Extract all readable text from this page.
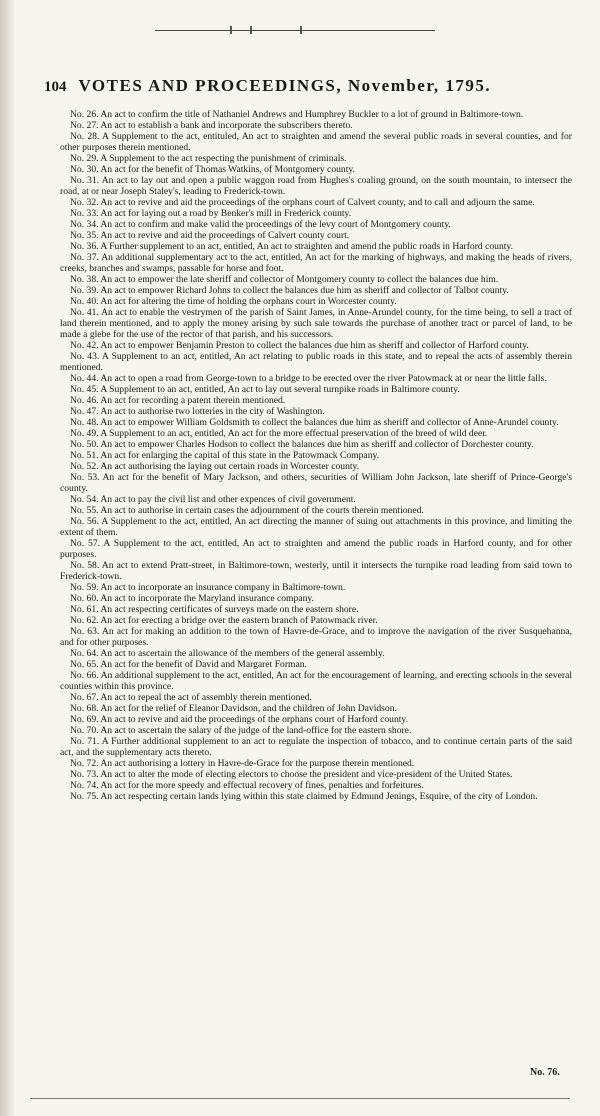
104 VOTES AND PROCEEDINGS, November, 1795.

No. 26. An act to confirm the title of Nathaniel Andrews and Humphrey Buckler to a lot of ground in Baltimore-town.

No. 27. An act to establish a bank and incorporate the subscribers thereto.

No. 28. A Supplement to the act, entituled, An act to straighten and amend the several public roads in several counties, and for other purposes therein mentioned.

No. 29. A Supplement to the act respecting the punishment of criminals.

No. 30. An act for the benefit of Thomas Watkins, of Montgomery county.

No. 31. An act to lay out and open a public waggon road from Hughes's coaling ground, on the south mountain, to intersect the road, at or near Joseph Staley's, leading to Frederick-town.

No. 32. An act to revive and aid the proceedings of the orphans court of Calvert county, and to call and adjourn the same.

No. 33. An act for laying out a road by Benker's mill in Frederick county.

No. 34. An act to confirm and make valid the proceedings of the levy court of Montgomery county.

No. 35. An act to revive and aid the proceedings of Calvert county court.

No. 36. A Further supplement to an act, entitled, An act to straighten and amend the public roads in Harford county.

No. 37. An additional supplementary act to the act, entitled, An act for the marking of highways, and making the heads of rivers, creeks, branches and swamps, passable for horse and foot.

No. 38. An act to empower the late sheriff and collector of Montgomery county to collect the balances due him.

No. 39. An act to empower Richard Johns to collect the balances due him as sheriff and collector of Talbot county.

No. 40. An act for altering the time of holding the orphans court in Worcester county.

No. 41. An act to enable the vestrymen of the parish of Saint James, in Anne-Arundel county, for the time being, to sell a tract of land therein mentioned, and to apply the money arising by such sale towards the purchase of another tract or parcel of land, to be made a glebe for the use of the rector of that parish, and his successors.

No. 42. An act to empower Benjamin Preston to collect the balances due him as sheriff and collector of Harford county.

No. 43. A Supplement to an act, entitled, An act relating to public roads in this state, and to repeal the acts of assembly therein mentioned.

No. 44. An act to open a road from George-town to a bridge to be erected over the river Patowmack at or near the little falls.

No. 45. A Supplement to an act, entitled, An act to lay out several turnpike roads in Baltimore county.

No. 46. An act for recording a patent therein mentioned.

No. 47. An act to authorise two lotteries in the city of Washington.

No. 48. An act to empower William Goldsmith to collect the balances due him as sheriff and collector of Anne-Arundel county.

No. 49. A Supplement to an act, entitled, An act for the more effectual preservation of the breed of wild deer.

No. 50. An act to empower Charles Hodson to collect the balances due him as sheriff and collector of Dorchester county.

No. 51. An act for enlarging the capital of this state in the Patowmack Company.

No. 52. An act authorising the laying out certain roads in Worcester county.

No. 53. An act for the benefit of Mary Jackson, and others, securities of William John Jackson, late sheriff of Prince-George's county.

No. 54. An act to pay the civil list and other expences of civil government.

No. 55. An act to authorise in certain cases the adjournment of the courts therein mentioned.

No. 56. A Supplement to the act, entitled, An act directing the manner of suing out attachments in this province, and limiting the extent of them.

No. 57. A Supplement to the act, entitled, An act to straighten and amend the public roads in Harford county, and for other purposes.

No. 58. An act to extend Pratt-street, in Baltimore-town, westerly, until it intersects the turnpike road leading from said town to Frederick-town.

No. 59. An act to incorporate an insurance company in Baltimore-town.

No. 60. An act to incorporate the Maryland insurance company.

No. 61. An act respecting certificates of surveys made on the eastern shore.

No. 62. An act for erecting a bridge over the eastern branch of Patowmack river.

No. 63. An act for making an addition to the town of Havre-de-Grace, and to improve the navigation of the river Susquehanna, and for other purposes.

No. 64. An act to ascertain the allowance of the members of the general assembly.

No. 65. An act for the benefit of David and Margaret Forman.

No. 66. An additional supplement to the act, entitled, An act for the encouragement of learning, and erecting schools in the several counties within this province.

No. 67. An act to repeal the act of assembly therein mentioned.

No. 68. An act for the relief of Eleanor Davidson, and the children of John Davidson.

No. 69. An act to revive and aid the proceedings of the orphans court of Harford county.

No. 70. An act to ascertain the salary of the judge of the land-office for the eastern shore.

No. 71. A Further additional supplement to an act to regulate the inspection of tobacco, and to continue certain parts of the said act, and the supplementary acts thereto.

No. 72. An act authorising a lottery in Havre-de-Grace for the purpose therein mentioned.

No. 73. An act to alter the mode of electing electors to choose the president and vice-president of the United States.

No. 74. An act for the more speedy and effectual recovery of fines, penalties and forfeitures.

No. 75. An act respecting certain lands lying within this state claimed by Edmund Jenings, Esquire, of the city of London.

No. 76.
